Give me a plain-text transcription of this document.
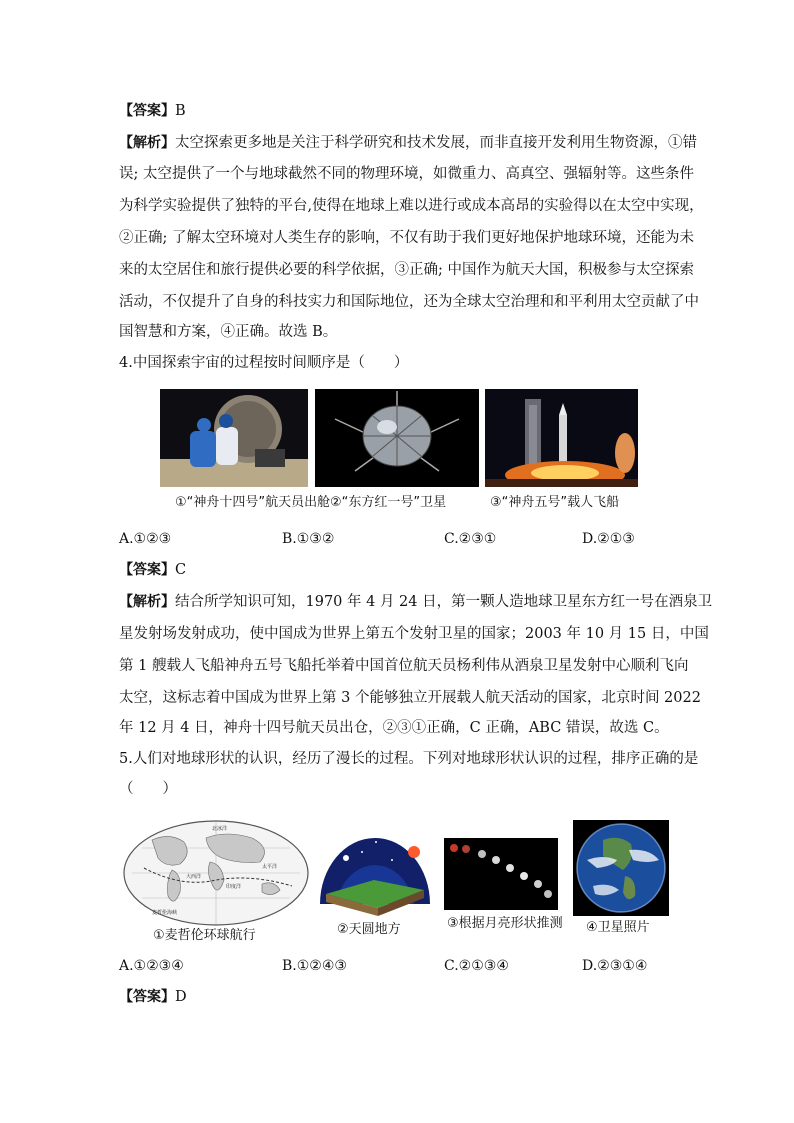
【答案】B
【解析】太空探索更多地是关注于科学研究和技术发展，而非直接开发利用生物资源，①错
误; 太空提供了一个与地球截然不同的物理环境，如微重力、高真空、强辐射等。这些条件
为科学实验提供了独特的平台,使得在地球上难以进行或成本高昂的实验得以在太空中实现，
②正确; 了解太空环境对人类生存的影响，不仅有助于我们更好地保护地球环境，还能为未
来的太空居住和旅行提供必要的科学依据，③正确; 中国作为航天大国，积极参与太空探索
活动，不仅提升了自身的科技实力和国际地位，还为全球太空治理和和平利用太空贡献了中
国智慧和方案，④正确。故选 B。
4.中国探索宇宙的过程按时间顺序是（　　）
①“神舟十四号”航天员出舱 ②“东方红一号”卫星	③“神舟五号”载人飞船
A.①②③	B.①③②	C.②③①	D.②①③
【答案】C
【解析】结合所学知识可知，1970 年 4 月 24 日，第一颗人造地球卫星东方红一号在酒泉卫
星发射场发射成功，使中国成为世界上第五个发射卫星的国家；2003 年 10 月 15 日，中国
第 1 艘载人飞船神舟五号飞船托举着中国首位航天员杨利伟从酒泉卫星发射中心顺利飞向
太空，这标志着中国成为世界上第 3 个能够独立开展载人航天活动的国家，北京时间 2022
年 12 月 4 日，神舟十四号航天员出仓，②③①正确，C 正确，ABC 错误，故选 C。
5.人们对地球形状的认识，经历了漫长的过程。下列对地球形状认识的过程，排序正确的是
（　　）
北冰洋
太平洋
大西洋
印度洋
麦哲伦海峡
①麦哲伦环球航行	②天圆地方	③根据月亮形状推测 ④卫星照片
A.①②③④	B.①②④③	C.②①③④	D.②③①④
【答案】D
